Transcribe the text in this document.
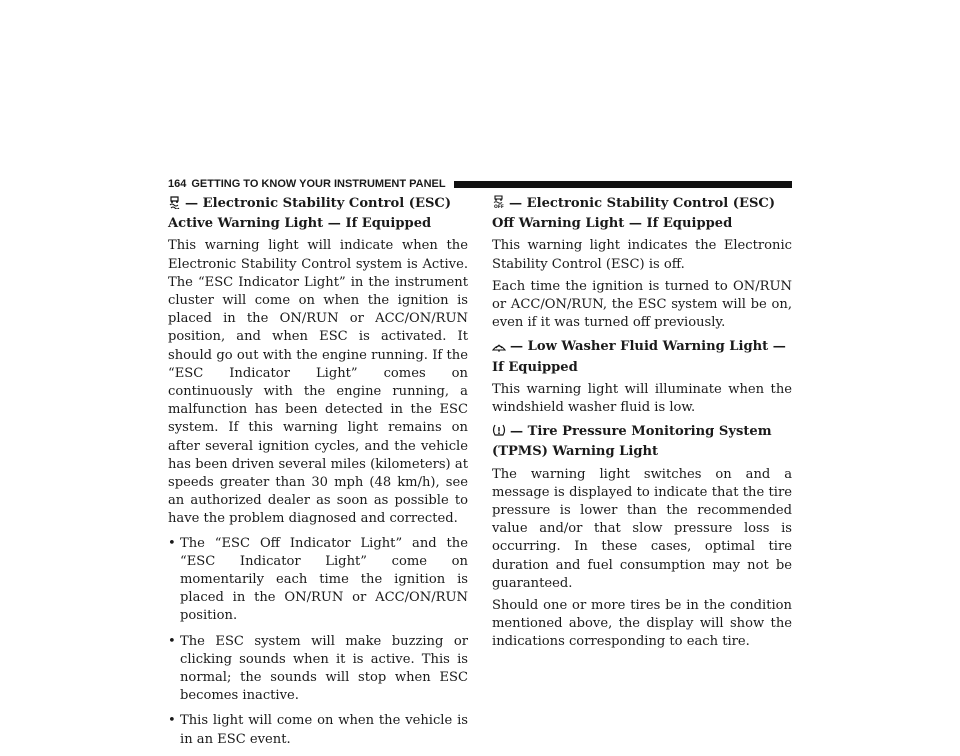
164 GETTING TO KNOW YOUR INSTRUMENT PANEL
— Electronic Stability Control (ESC) Active Warning Light — If Equipped

This warning light will indicate when the Electronic Stability Control system is Active. The “ESC Indicator Light” in the instrument cluster will come on when the ignition is placed in the ON/RUN or ACC/ON/RUN position, and when ESC is activated. It should go out with the engine running. If the “ESC Indicator Light” comes on continuously with the engine running, a malfunction has been detected in the ESC system. If this warning light remains on after several ignition cycles, and the vehicle has been driven several miles (kilometers) at speeds greater than 30 mph (48 km/h), see an authorized dealer as soon as possible to have the problem diagnosed and corrected.

• The “ESC Off Indicator Light” and the “ESC Indicator Light” come on momentarily each time the ignition is placed in the ON/RUN or ACC/ON/RUN position.
• The ESC system will make buzzing or clicking sounds when it is active. This is normal; the sounds will stop when ESC becomes inactive.
• This light will come on when the vehicle is in an ESC event.
OFF — Electronic Stability Control (ESC) Off Warning Light — If Equipped

This warning light indicates the Electronic Stability Control (ESC) is off.

Each time the ignition is turned to ON/RUN or ACC/ON/RUN, the ESC system will be on, even if it was turned off previously.

— Low Washer Fluid Warning Light — If Equipped

This warning light will illuminate when the windshield washer fluid is low.

— Tire Pressure Monitoring System (TPMS) Warning Light

The warning light switches on and a message is displayed to indicate that the tire pressure is lower than the recommended value and/or that slow pressure loss is occurring. In these cases, optimal tire duration and fuel consumption may not be guaranteed.

Should one or more tires be in the condition mentioned above, the display will show the indications corresponding to each tire.
